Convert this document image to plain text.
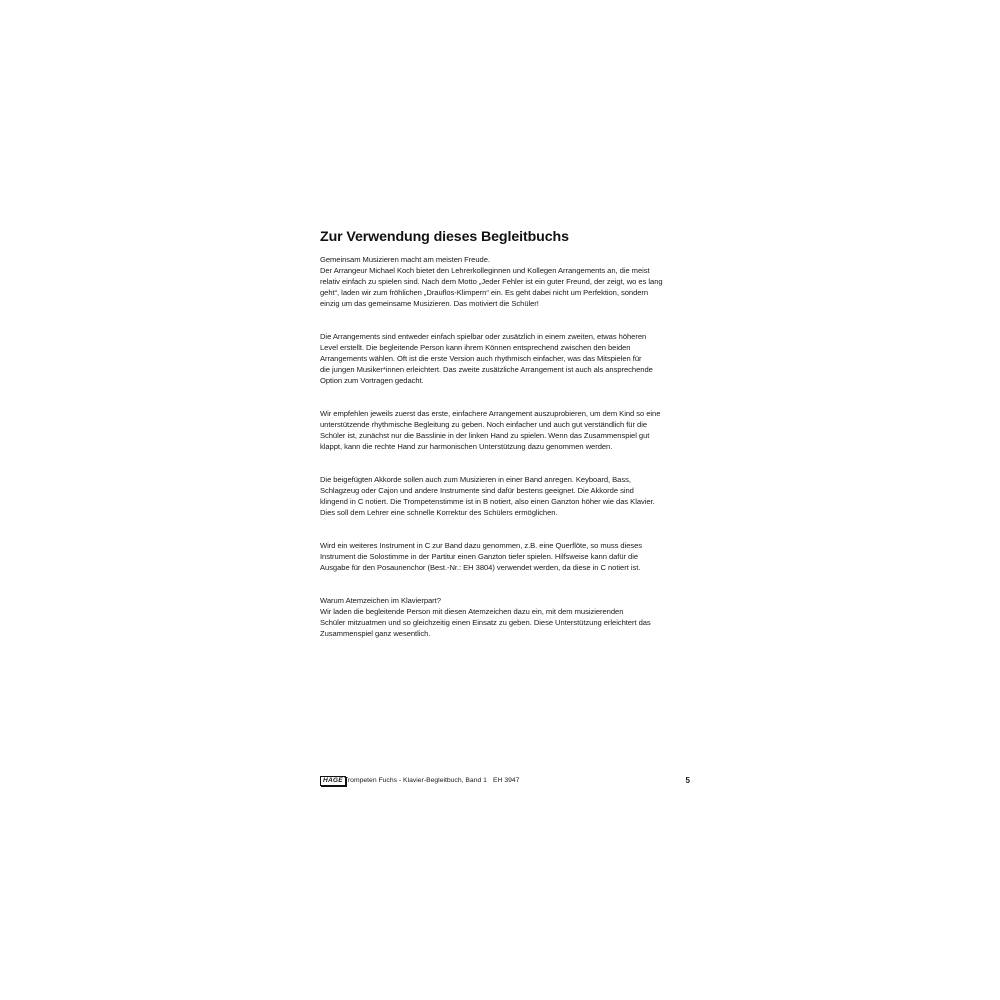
Zur Verwendung dieses Begleitbuchs

Gemeinsam Musizieren macht am meisten Freude.
Der Arrangeur Michael Koch bietet den Lehrerkolleginnen und Kollegen Arrangements an, die meist
relativ einfach zu spielen sind. Nach dem Motto „Jeder Fehler ist ein guter Freund, der zeigt, wo es lang
geht“, laden wir zum fröhlichen „Drauflos-Klimpern“ ein. Es geht dabei nicht um Perfektion, sondern
einzig um das gemeinsame Musizieren. Das motiviert die Schüler!

Die Arrangements sind entweder einfach spielbar oder zusätzlich in einem zweiten, etwas höheren
Level erstellt. Die begleitende Person kann ihrem Können entsprechend zwischen den beiden
Arrangements wählen. Oft ist die erste Version auch rhythmisch einfacher, was das Mitspielen für
die jungen Musiker*innen erleichtert. Das zweite zusätzliche Arrangement ist auch als ansprechende
Option zum Vortragen gedacht.

Wir empfehlen jeweils zuerst das erste, einfachere Arrangement auszuprobieren, um dem Kind so eine
unterstützende rhythmische Begleitung zu geben. Noch einfacher und auch gut verständlich für die
Schüler ist, zunächst nur die Basslinie in der linken Hand zu spielen. Wenn das Zusammenspiel gut
klappt, kann die rechte Hand zur harmonischen Unterstützung dazu genommen werden.

Die beigefügten Akkorde sollen auch zum Musizieren in einer Band anregen. Keyboard, Bass,
Schlagzeug oder Cajon und andere Instrumente sind dafür bestens geeignet. Die Akkorde sind
klingend in C notiert. Die Trompetenstimme ist in B notiert, also einen Ganzton höher wie das Klavier.
Dies soll dem Lehrer eine schnelle Korrektur des Schülers ermöglichen.

Wird ein weiteres Instrument in C zur Band dazu genommen, z.B. eine Querflöte, so muss dieses
Instrument die Solostimme in der Partitur einen Ganzton tiefer spielen. Hilfsweise kann dafür die
Ausgabe für den Posaunenchor (Best.-Nr.: EH 3804) verwendet werden, da diese in C notiert ist.

Warum Atemzeichen im Klavierpart?
Wir laden die begleitende Person mit diesen Atemzeichen dazu ein, mit dem musizierenden
Schüler mitzuatmen und so gleichzeitig einen Einsatz zu geben. Diese Unterstützung erleichtert das
Zusammenspiel ganz wesentlich.

HAGE Trompeten Fuchs - Klavier-Begleitbuch, Band 1 EH 3947	5
